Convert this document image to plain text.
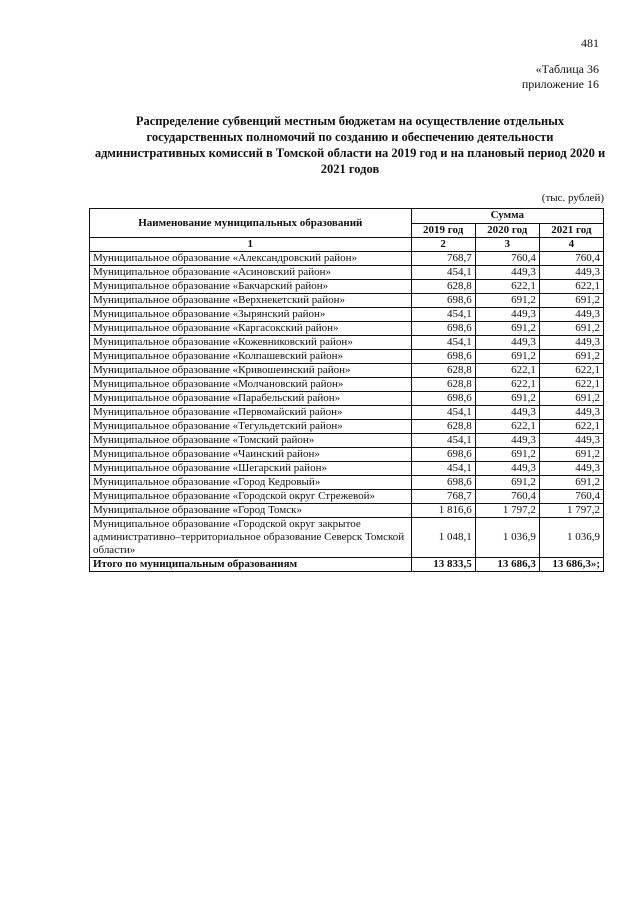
481
«Таблица 36
приложение 16
Распределение субвенций местным бюджетам на осуществление отдельных государственных полномочий по созданию и обеспечению деятельности административных комиссий в Томской области на 2019 год и на плановый период 2020 и 2021 годов
(тыс. рублей)
Наименование муниципальных образований	Сумма		
	2019 год	2020 год	2021 год
1	2	3	4
Муниципальное образование «Александровский район»	768,7	760,4	760,4
Муниципальное образование «Асиновский район»	454,1	449,3	449,3
Муниципальное образование «Бакчарский район»	628,8	622,1	622,1
Муниципальное образование «Верхнекетский район»	698,6	691,2	691,2
Муниципальное образование «Зырянский район»	454,1	449,3	449,3
Муниципальное образование «Каргасокский район»	698,6	691,2	691,2
Муниципальное образование «Кожевниковский район»	454,1	449,3	449,3
Муниципальное образование «Колпашевский район»	698,6	691,2	691,2
Муниципальное образование «Кривошеинский район»	628,8	622,1	622,1
Муниципальное образование «Молчановский район»	628,8	622,1	622,1
Муниципальное образование «Парабельский район»	698,6	691,2	691,2
Муниципальное образование «Первомайский район»	454,1	449,3	449,3
Муниципальное образование «Тегульдетский район»	628,8	622,1	622,1
Муниципальное образование «Томский район»	454,1	449,3	449,3
Муниципальное образование «Чаинский район»	698,6	691,2	691,2
Муниципальное образование «Шегарский район»	454,1	449,3	449,3
Муниципальное образование «Город Кедровый»	698,6	691,2	691,2
Муниципальное образование «Городской округ Стрежевой»	768,7	760,4	760,4
Муниципальное образование «Город Томск»	1 816,6	1 797,2	1 797,2
Муниципальное образование «Городской округ закрытое административно–территориальное образование Северск Томской области»	1 048,1	1 036,9	1 036,9
Итого по муниципальным образованиям	13 833,5	13 686,3	13 686,3»;
